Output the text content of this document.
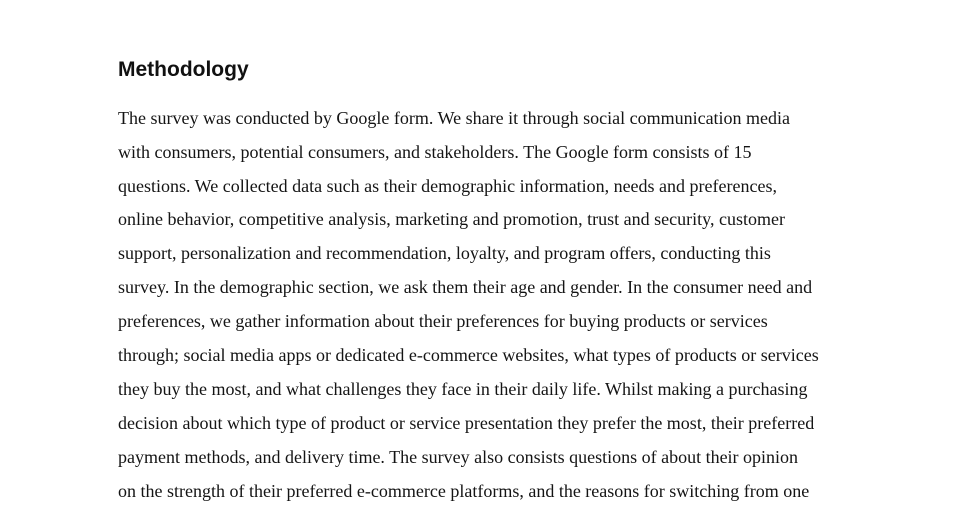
Methodology
The survey was conducted by Google form. We share it through social communication media
with consumers, potential consumers, and stakeholders. The Google form consists of 15
questions. We collected data such as their demographic information, needs and preferences,
online behavior, competitive analysis, marketing and promotion, trust and security, customer
support, personalization and recommendation, loyalty, and program offers, conducting this
survey. In the demographic section, we ask them their age and gender. In the consumer need and
preferences, we gather information about their preferences for buying products or services
through; social media apps or dedicated e-commerce websites, what types of products or services
they buy the most, and what challenges they face in their daily life. Whilst making a purchasing
decision about which type of product or service presentation they prefer the most, their preferred
payment methods, and delivery time. The survey also consists questions of about their opinion
on the strength of their preferred e-commerce platforms, and the reasons for switching from one
